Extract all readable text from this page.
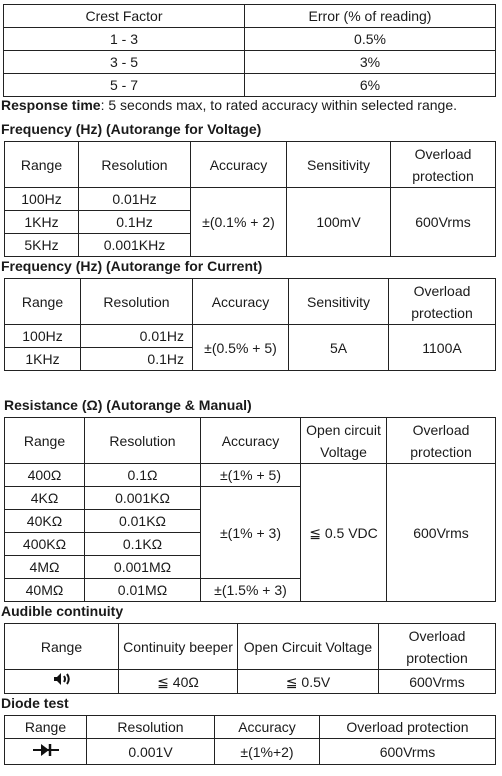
Crest Factor	Error (% of reading)
1 - 3	0.5%
3 - 5	3%
5 - 7	6%
Response time: 5 seconds max, to rated accuracy within selected range.
Frequency (Hz) (Autorange for Voltage)
Range	Resolution	Accuracy	Sensitivity	Overload protection
100Hz	0.01Hz	±(0.1% + 2)	100mV	600Vrms
1KHz	0.1Hz			
5KHz	0.001KHz			
Frequency (Hz) (Autorange for Current)
Range	Resolution	Accuracy	Sensitivity	Overload protection
100Hz	0.01Hz	±(0.5% + 5)	5A	1100A
1KHz	0.1Hz			
Resistance (Ω) (Autorange & Manual)
Range	Resolution	Accuracy	Open circuit Voltage	Overload protection
400Ω	0.1Ω	±(1% + 5)	≦ 0.5 VDC	600Vrms
4KΩ	0.001KΩ	±(1% + 3)		
40KΩ	0.01KΩ			
400KΩ	0.1KΩ			
4MΩ	0.001MΩ			
40MΩ	0.01MΩ	±(1.5% + 3)		
Audible continuity
Range	Continuity beeper	Open Circuit Voltage	Overload protection
	≦ 40Ω	≦ 0.5V	600Vrms
Diode test
Range	Resolution	Accuracy	Overload protection
	0.001V	±(1%+2)	600Vrms
